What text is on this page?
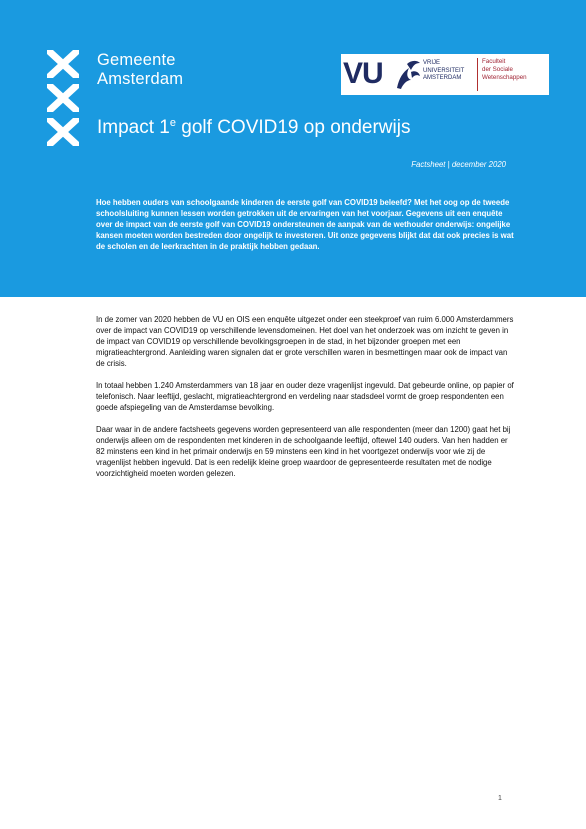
Gemeente
Amsterdam	VU	VRIJE
UNIVERSITEIT
AMSTERDAM
Faculteit
der Sociale
Wetenschappen
Impact 1e golf COVID19 op onderwijs
Factsheet | december 2020
Hoe hebben ouders van schoolgaande kinderen de eerste golf van COVID19 beleefd? Met het oog op de tweede schoolsluiting kunnen lessen worden getrokken uit de ervaringen van het voorjaar. Gegevens uit een enquête over de impact van de eerste golf van COVID19 ondersteunen de aanpak van de wethouder onderwijs: ongelijke kansen moeten worden bestreden door ongelijk te investeren. Uit onze gegevens blijkt dat dat ook precies is wat de scholen en de leerkrachten in de praktijk hebben gedaan.

In de zomer van 2020 hebben de VU en OIS een enquête uitgezet onder een steekproef van ruim 6.000 Amsterdammers over de impact van COVID19 op verschillende levensdomeinen. Het doel van het onderzoek was om inzicht te geven in de impact van COVID19 op verschillende bevolkingsgroepen in de stad, in het bijzonder groepen met een migratieachtergrond. Aanleiding waren signalen dat er grote verschillen waren in besmettingen maar ook de impact van de crisis.

In totaal hebben 1.240 Amsterdammers van 18 jaar en ouder deze vragenlijst ingevuld. Dat gebeurde online, op papier of telefonisch. Naar leeftijd, geslacht, migratieachtergrond en verdeling naar stadsdeel vormt de groep respondenten een goede afspiegeling van de Amsterdamse bevolking.

Daar waar in de andere factsheets gegevens worden gepresenteerd van alle respondenten (meer dan 1200) gaat het bij onderwijs alleen om de respondenten met kinderen in de schoolgaande leeftijd, oftewel 140 ouders. Van hen hadden er 82 minstens een kind in het primair onderwijs en 59 minstens een kind in het voortgezet onderwijs voor wie zij de vragenlijst hebben ingevuld. Dat is een redelijk kleine groep waardoor de gepresenteerde resultaten met de nodige voorzichtigheid moeten worden gelezen.

1
